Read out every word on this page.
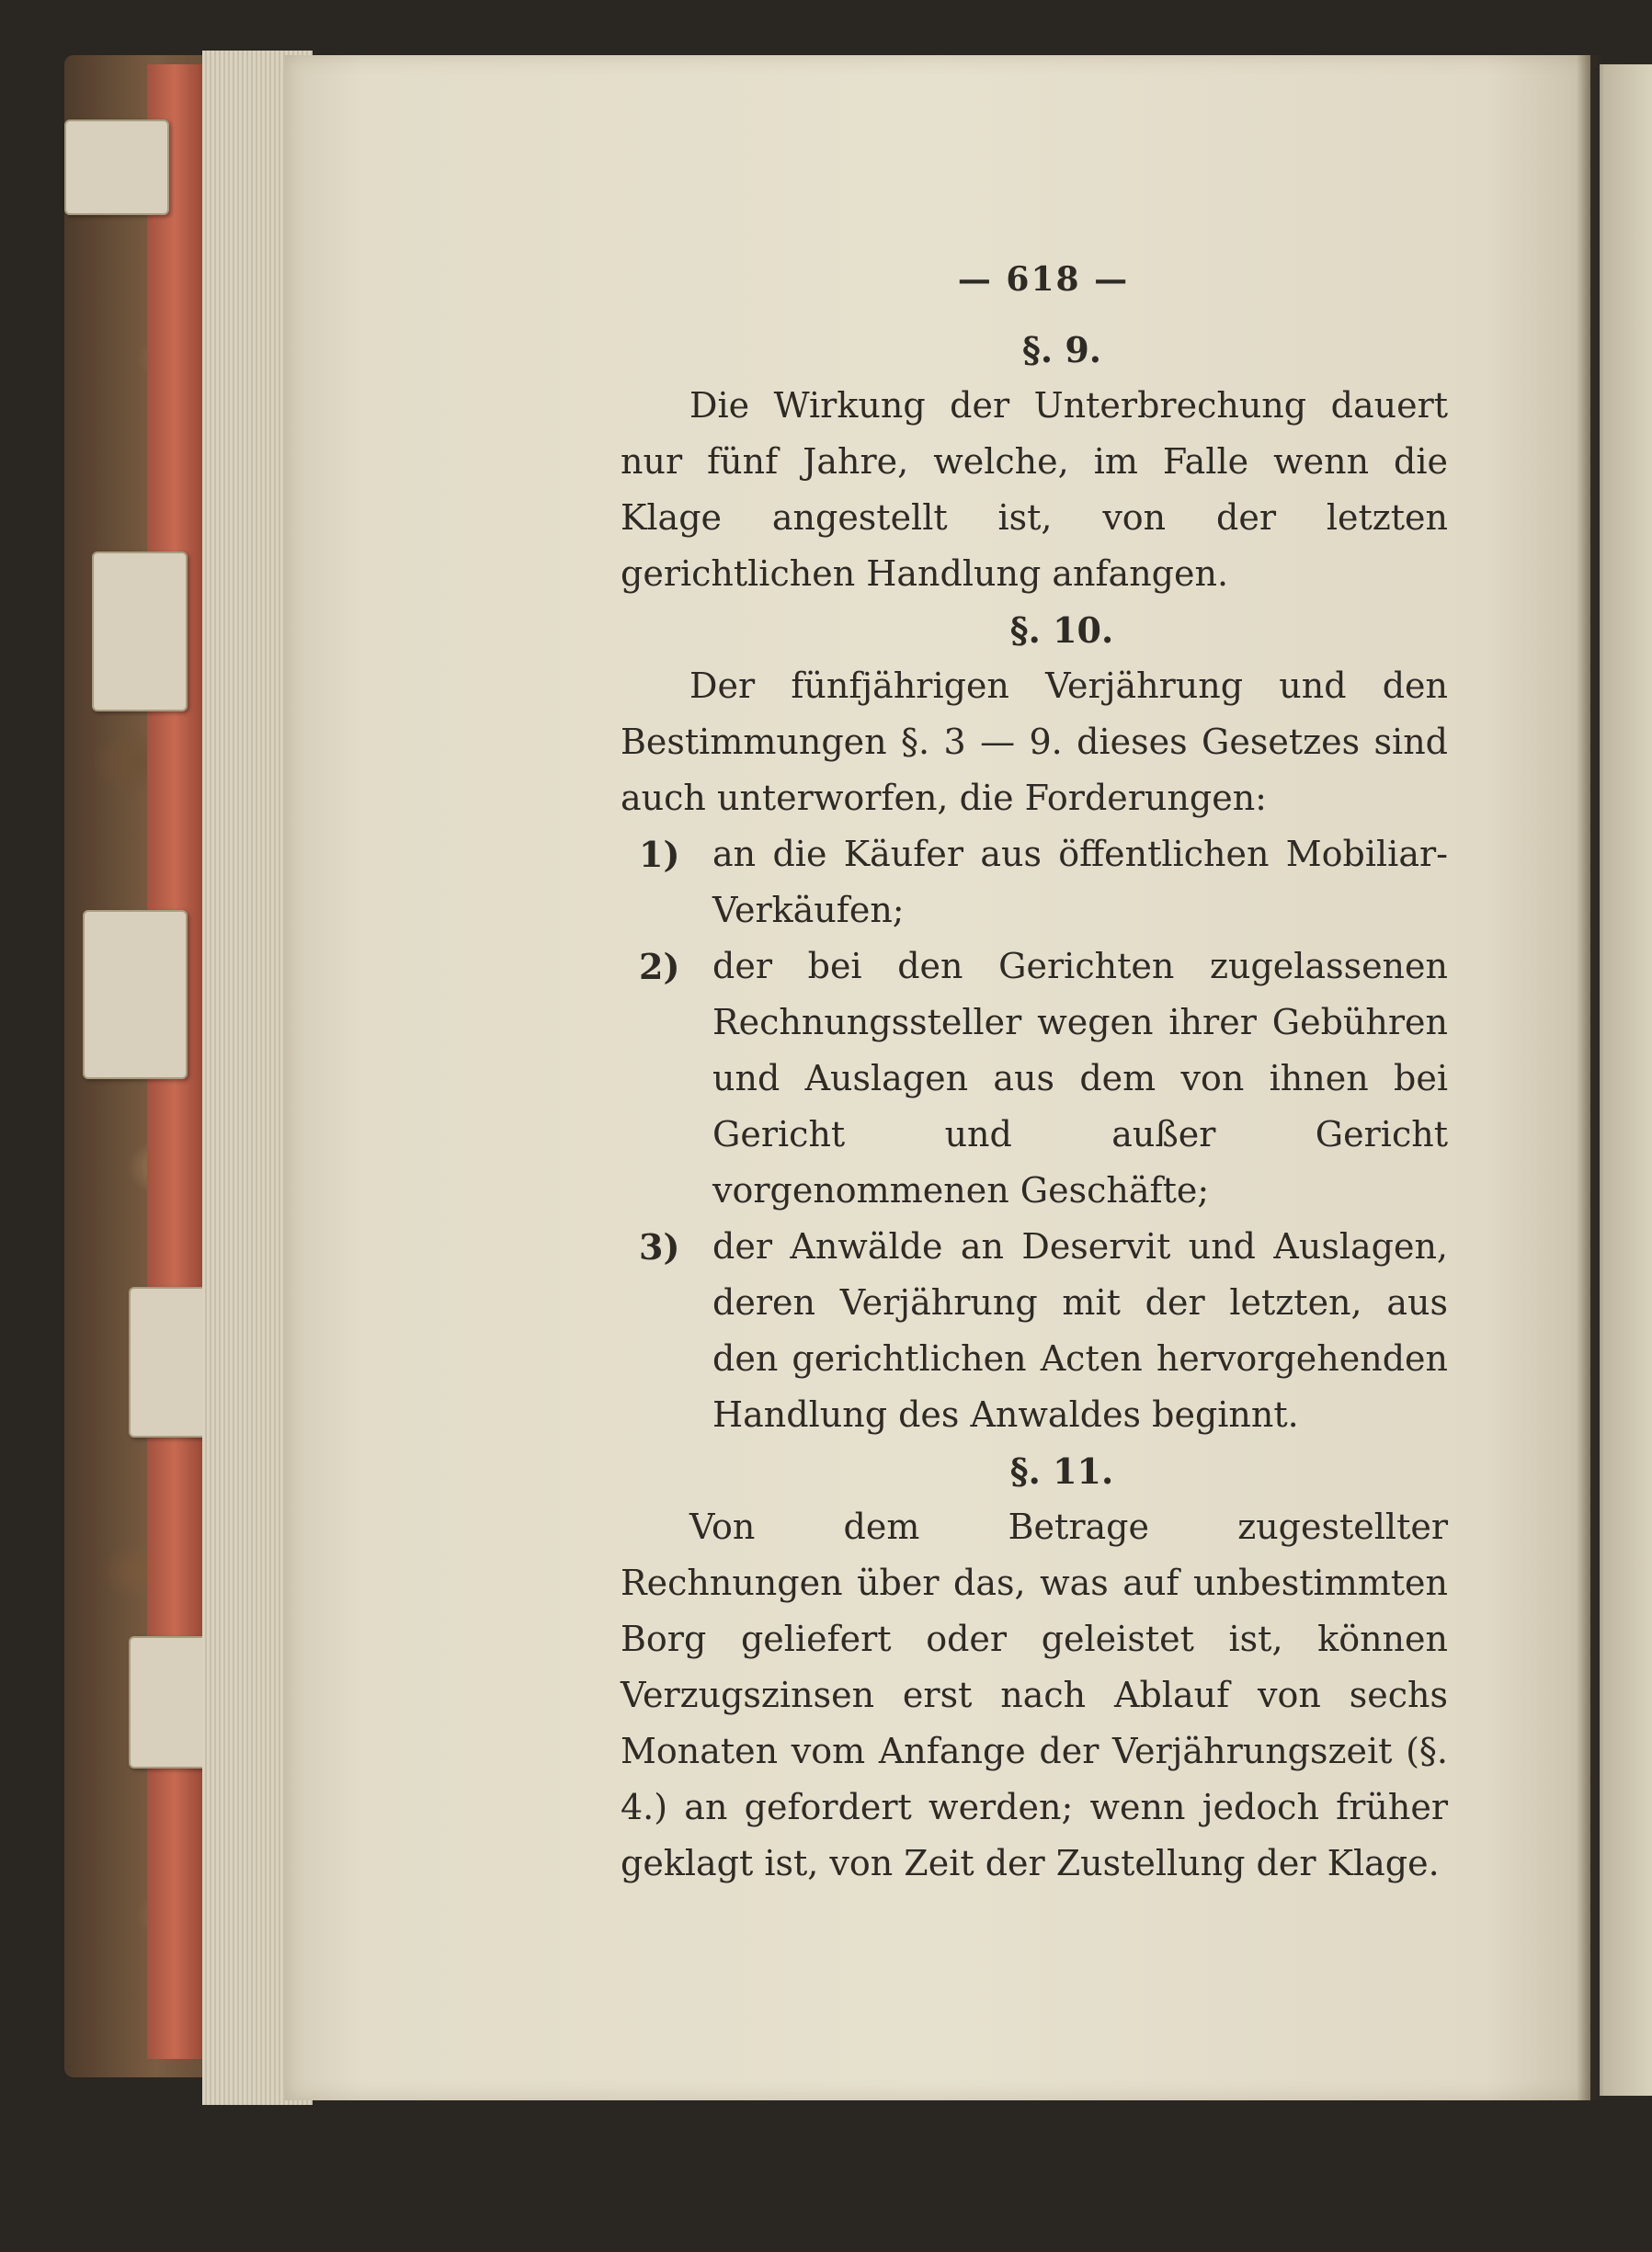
— 618 —
§. 9.

Die Wirkung der Unterbrechung dauert nur fünf Jahre, welche, im Falle wenn die Klage angestellt ist, von der letzten gerichtlichen Handlung anfangen.

§. 10.

Der fünfjährigen Verjährung und den Bestimmungen §. 3 — 9. dieses Gesetzes sind auch unterworfen, die Forderungen:

1) an die Käufer aus öffentlichen Mobiliar-Verkäufen;
2) der bei den Gerichten zugelassenen Rechnungssteller wegen ihrer Gebühren und Auslagen aus dem von ihnen bei Gericht und außer Gericht vorgenommenen Geschäfte;
3) der Anwälde an Deservit und Auslagen, deren Verjährung mit der letzten, aus den gerichtlichen Acten hervorgehenden Handlung des Anwaldes beginnt.
§. 11.

Von dem Betrage zugestellter Rechnungen über das, was auf unbestimmten Borg geliefert oder geleistet ist, können Verzugszinsen erst nach Ablauf von sechs Monaten vom Anfange der Verjährungszeit (§. 4.) an gefordert werden; wenn jedoch früher geklagt ist, von Zeit der Zustellung der Klage.
